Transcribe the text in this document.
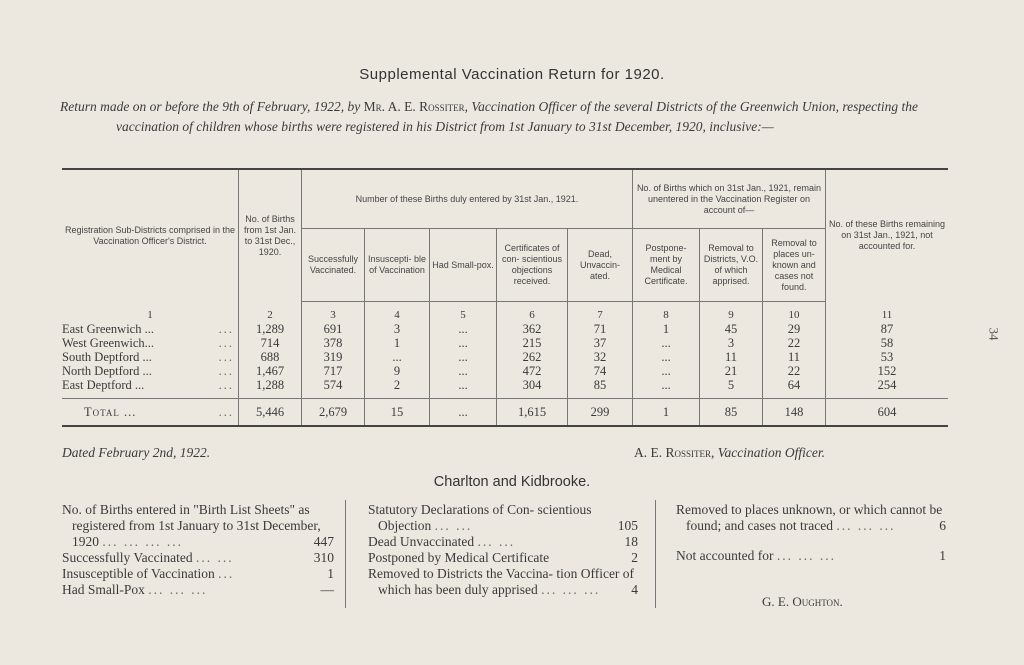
Supplemental Vaccination Return for 1920.
Return made on or before the 9th of February, 1922, by Mr. A. E. Rossiter, Vaccination Officer of the several Districts of the Greenwich Union, respecting the vaccination of children whose births were registered in his District from 1st January to 31st December, 1920, inclusive:—
34
Registration Sub-Districts comprised in the Vaccination Officer's District.	No. of Births from 1st Jan. to 31st Dec., 1920.	Number of these Births duly entered by 31st Jan., 1921.					No. of Births which on 31st Jan., 1921, remain unentered in the Vaccination Register on account of—			No. of these Births remaining on 31st Jan., 1921, not accounted for.
		Successfully Vaccinated.	Insuscepti- ble of Vaccination	Had Small-pox.	Certificates of con- scientious objections received.	Dead, Unvaccin- ated.	Postpone- ment by Medical Certificate.	Removal to Districts, V.O. of which apprised.	Removal to places un- known and cases not found.	
1	2	3	4	5	6	7	8	9	10	11
East Greenwich ... ...	1,289	691	3	...	362	71	1	45	29	87
West Greenwich... ...	714	378	1	...	215	37	...	3	22	58
South Deptford ... ...	688	319	...	...	262	32	...	11	11	53
North Deptford ... ...	1,467	717	9	...	472	74	...	21	22	152
East Deptford ... ...	1,288	574	2	...	304	85	...	5	64	254
Total ... ...	5,446	2,679	15	...	1,615	299	1	85	148	604
Dated February 2nd, 1922.	A. E. Rossiter, Vaccination Officer.
Charlton and Kidbrooke.
No. of Births entered in "Birth List Sheets" as registered from 1st January to 31st December, 1920 ... ... ... ...	447
Successfully Vaccinated ... ...	310
Insusceptible of Vaccination ...	1
Had Small-Pox ... ... ...	—
Statutory Declarations of Con- scientious Objection ... ...	105
Dead Unvaccinated ... ...	18
Postponed by Medical Certificate	2
Removed to Districts the Vaccina- tion Officer of which has been duly apprised ... ... ... 4
Removed to places unknown, or which cannot be found; and cases not traced ... ... ...	6
Not accounted for ... ... ...	1
G. E. Oughton.
